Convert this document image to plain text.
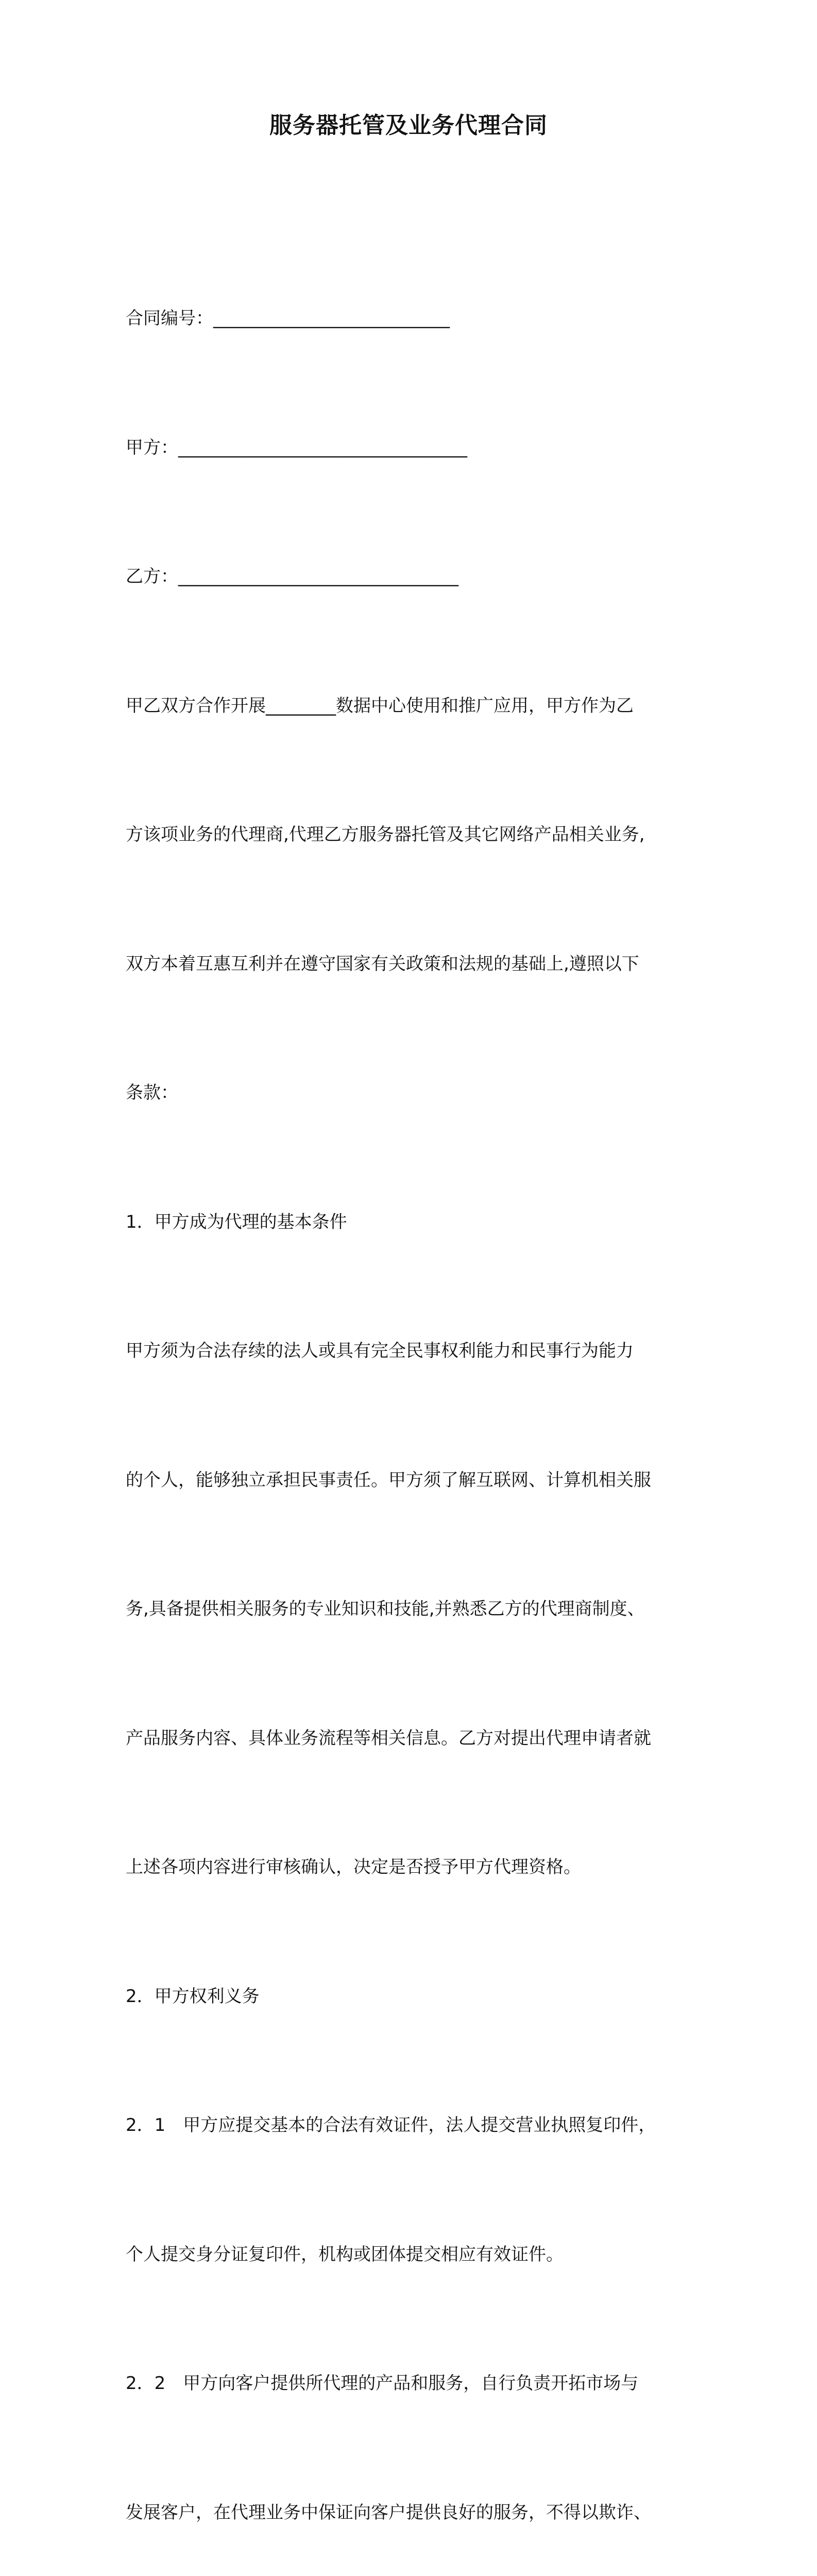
服务器托管及业务代理合同

合同编号：___________________________

甲方：_________________________________

乙方：________________________________

甲乙双方合作开展________数据中心使用和推广应用，甲方作为乙

方该项业务的代理商,代理乙方服务器托管及其它网络产品相关业务,

双方本着互惠互利并在遵守国家有关政策和法规的基础上,遵照以下

条款：

1．甲方成为代理的基本条件

甲方须为合法存续的法人或具有完全民事权利能力和民事行为能力

的个人，能够独立承担民事责任。甲方须了解互联网、计算机相关服

务,具备提供相关服务的专业知识和技能,并熟悉乙方的代理商制度、

产品服务内容、具体业务流程等相关信息。乙方对提出代理申请者就

上述各项内容进行审核确认，决定是否授予甲方代理资格。

2．甲方权利义务

2．1　甲方应提交基本的合法有效证件，法人提交营业执照复印件，

个人提交身分证复印件，机构或团体提交相应有效证件。

2．2　甲方向客户提供所代理的产品和服务，自行负责开拓市场与

发展客户，在代理业务中保证向客户提供良好的服务，不得以欺诈、
